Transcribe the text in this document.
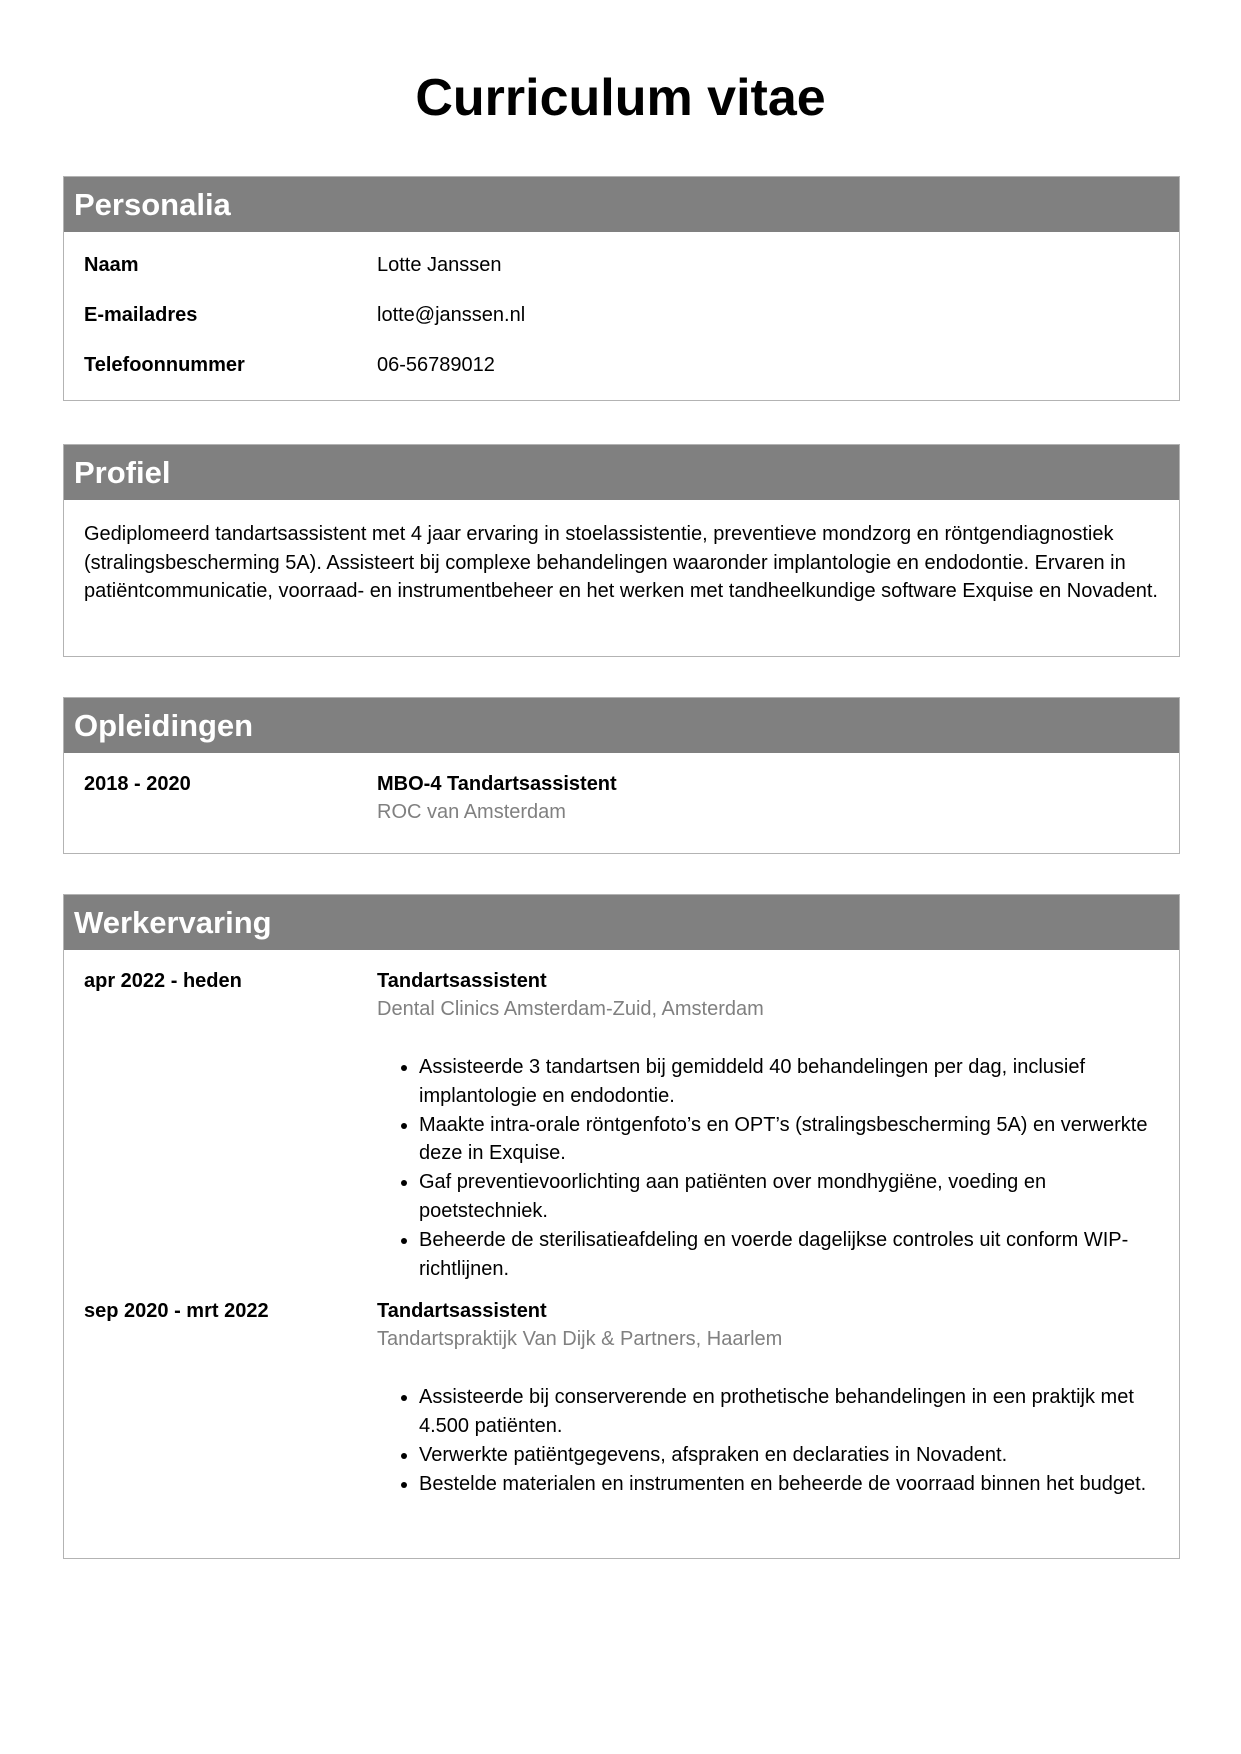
Curriculum vitae
Personalia
Naam	Lotte Janssen
E-mailadres	lotte@janssen.nl
Telefoonnummer	06-56789012
Profiel
Gediplomeerd tandartsassistent met 4 jaar ervaring in stoelassistentie, preventieve mondzorg en röntgendiagnostiek (stralingsbescherming 5A). Assisteert bij complexe behandelingen waaronder implantologie en endodontie. Ervaren in patiëntcommunicatie, voorraad- en instrumentbeheer en het werken met tandheelkundige software Exquise en Novadent.
Opleidingen
2018 - 2020	MBO-4 Tandartsassistent
ROC van Amsterdam
Werkervaring
apr 2022 - heden	Tandartsassistent
Dental Clinics Amsterdam-Zuid, Amsterdam
• Assisteerde 3 tandartsen bij gemiddeld 40 behandelingen per dag, inclusief implantologie en endodontie.
• Maakte intra-orale röntgenfoto’s en OPT’s (stralingsbescherming 5A) en verwerkte deze in Exquise.
• Gaf preventievoorlichting aan patiënten over mondhygiëne, voeding en poetstechniek.
• Beheerde de sterilisatieafdeling en voerde dagelijkse controles uit conform WIP-richtlijnen.
sep 2020 - mrt 2022	Tandartsassistent
Tandartspraktijk Van Dijk & Partners, Haarlem
• Assisteerde bij conserverende en prothetische behandelingen in een praktijk met 4.500 patiënten.
• Verwerkte patiëntgegevens, afspraken en declaraties in Novadent.
• Bestelde materialen en instrumenten en beheerde de voorraad binnen het budget.
